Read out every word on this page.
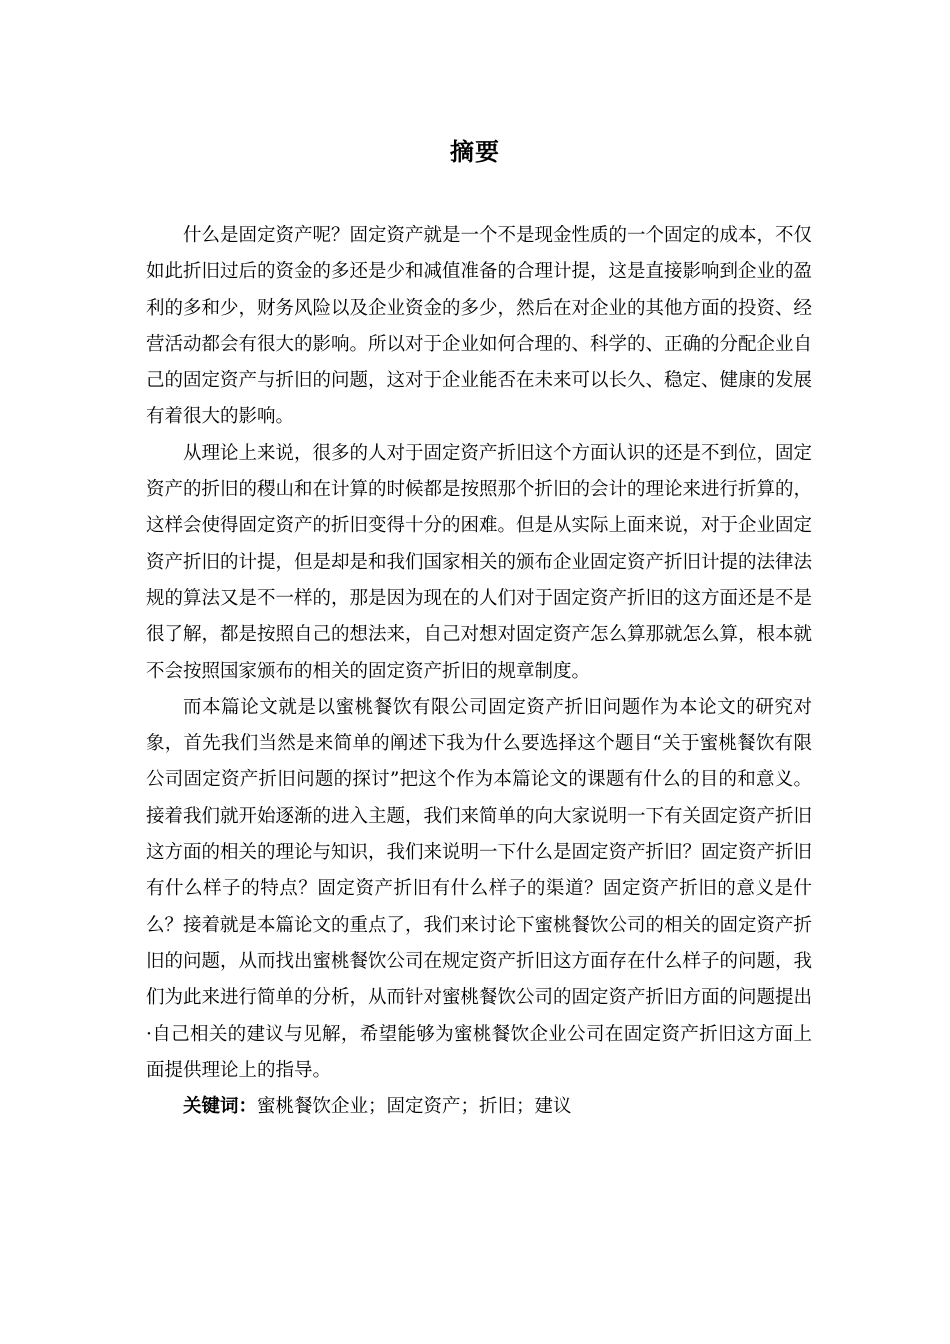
摘要

什么是固定资产呢？固定资产就是一个不是现金性质的一个固定的成本，不仅如此折旧过后的资金的多还是少和减值准备的合理计提，这是直接影响到企业的盈利的多和少，财务风险以及企业资金的多少，然后在对企业的其他方面的投资、经营活动都会有很大的影响。所以对于企业如何合理的、科学的、正确的分配企业自己的固定资产与折旧的问题，这对于企业能否在未来可以长久、稳定、健康的发展有着很大的影响。

从理论上来说，很多的人对于固定资产折旧这个方面认识的还是不到位，固定资产的折旧的稷山和在计算的时候都是按照那个折旧的会计的理论来进行折算的，这样会使得固定资产的折旧变得十分的困难。但是从实际上面来说，对于企业固定资产折旧的计提，但是却是和我们国家相关的颁布企业固定资产折旧计提的法律法规的算法又是不一样的，那是因为现在的人们对于固定资产折旧的这方面还是不是很了解，都是按照自己的想法来，自己对想对固定资产怎么算那就怎么算，根本就不会按照国家颁布的相关的固定资产折旧的规章制度。

而本篇论文就是以蜜桃餐饮有限公司固定资产折旧问题作为本论文的研究对象，首先我们当然是来简单的阐述下我为什么要选择这个题目“关于蜜桃餐饮有限公司固定资产折旧问题的探讨”把这个作为本篇论文的课题有什么的目的和意义。接着我们就开始逐渐的进入主题，我们来简单的向大家说明一下有关固定资产折旧这方面的相关的理论与知识，我们来说明一下什么是固定资产折旧？固定资产折旧有什么样子的特点？固定资产折旧有什么样子的渠道？固定资产折旧的意义是什么？接着就是本篇论文的重点了，我们来讨论下蜜桃餐饮公司的相关的固定资产折旧的问题，从而找出蜜桃餐饮公司在规定资产折旧这方面存在什么样子的问题，我们为此来进行简单的分析，从而针对蜜桃餐饮公司的固定资产折旧方面的问题提出·自己相关的建议与见解，希望能够为蜜桃餐饮企业公司在固定资产折旧这方面上面提供理论上的指导。

关键词：蜜桃餐饮企业；固定资产；折旧；建议
